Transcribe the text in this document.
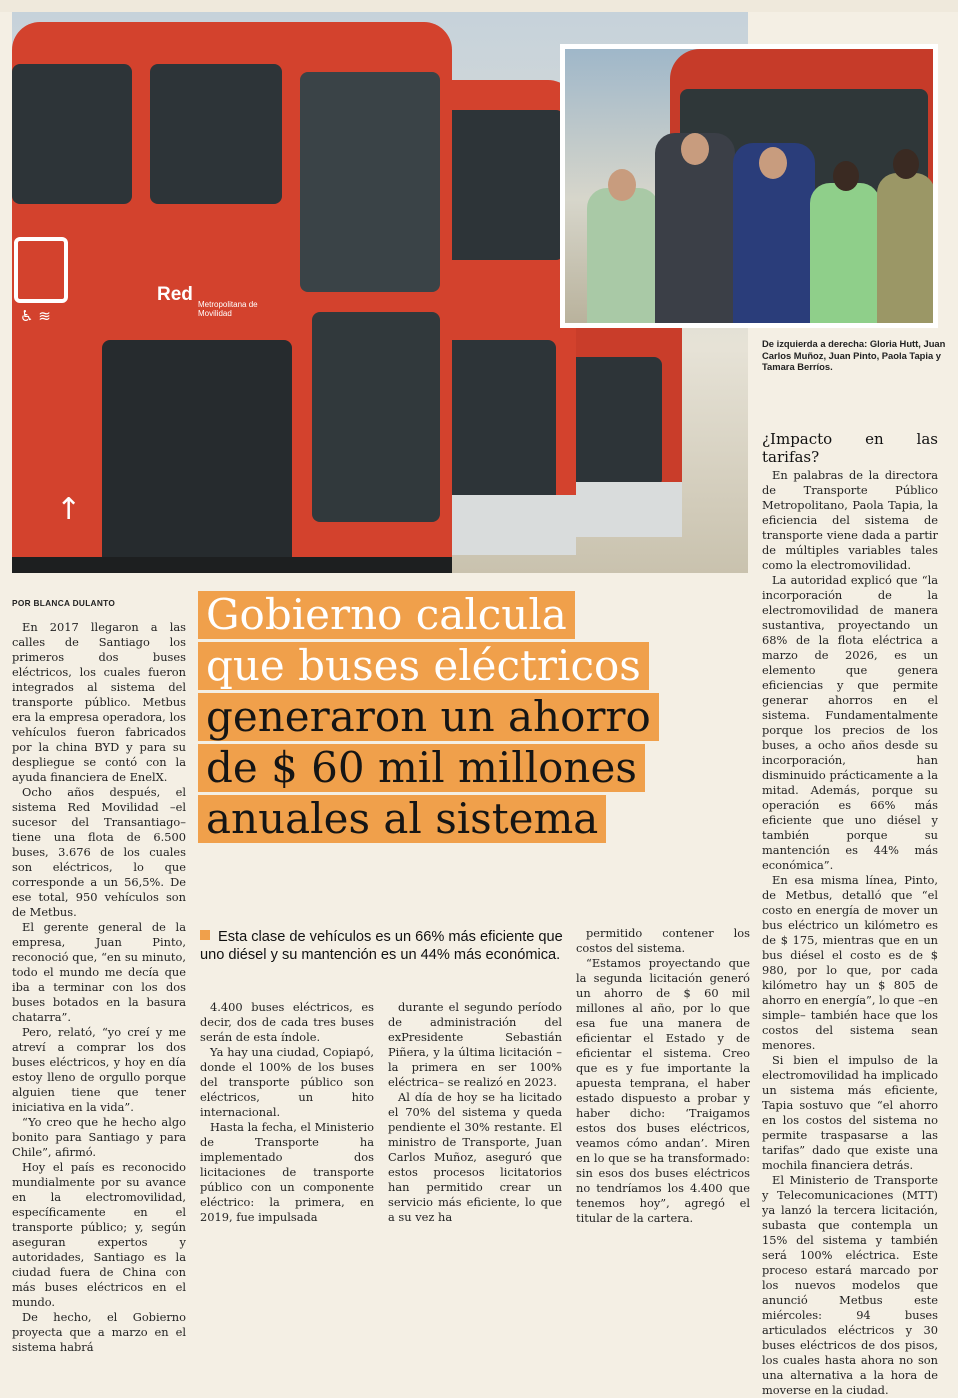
Red Metropolitana de Movilidad
♿ ≋
↑
De izquierda a derecha: Gloria Hutt, Juan Carlos Muñoz, Juan Pinto, Paola Tapia y Tamara Berríos.
POR BLANCA DULANTO Gobierno calcula
que buses eléctricos
generaron un ahorro
de $ 60 mil millones
anuales al sistema
Esta clase de vehículos es un 66% más eficiente que uno diésel y su mantención es un 44% más económica.

En 2017 llegaron a las calles de Santiago los primeros dos buses eléctricos, los cuales fueron integrados al sistema del transporte público. Metbus era la empresa operadora, los vehículos fueron fabricados por la china BYD y para su despliegue se contó con la ayuda financiera de EnelX.

Ocho años después, el sistema Red Movilidad –el sucesor del Transantiago– tiene una flota de 6.500 buses, 3.676 de los cuales son eléctricos, lo que corresponde a un 56,5%. De ese total, 950 vehículos son de Metbus.

El gerente general de la empresa, Juan Pinto, reconoció que, “en su minuto, todo el mundo me decía que iba a terminar con los dos buses botados en la basura chatarra”.

Pero, relató, “yo creí y me atreví a comprar los dos buses eléctricos, y hoy en día estoy lleno de orgullo porque alguien tiene que tener iniciativa en la vida”.

“Yo creo que he hecho algo bonito para Santiago y para Chile”, afirmó.

Hoy el país es reconocido mundialmente por su avance en la electromovilidad, específicamente en el transporte público; y, según aseguran expertos y autoridades, Santiago es la ciudad fuera de China con más buses eléctricos en el mundo.

De hecho, el Gobierno proyecta que a marzo en el sistema habrá

4.400 buses eléctricos, es decir, dos de cada tres buses serán de esta índole.

Ya hay una ciudad, Copiapó, donde el 100% de los buses del transporte público son eléctricos, un hito internacional.

Hasta la fecha, el Ministerio de Transporte ha implementado dos licitaciones de transporte público con un componente eléctrico: la primera, en 2019, fue impulsada

durante el segundo período de administración del exPresidente Sebastián Piñera, y la última licitación –la primera en ser 100% eléctrica– se realizó en 2023.

Al día de hoy se ha licitado el 70% del sistema y queda pendiente el 30% restante. El ministro de Transporte, Juan Carlos Muñoz, aseguró que estos procesos licitatorios han permitido crear un servicio más eficiente, lo que a su vez ha

permitido contener los costos del sistema.

“Estamos proyectando que la segunda licitación generó un ahorro de $ 60 mil millones al año, por lo que esa fue una manera de eficientar el Estado y de eficientar el sistema. Creo que es y fue importante la apuesta temprana, el haber estado dispuesto a probar y haber dicho: ‘Traigamos estos dos buses eléctricos, veamos cómo andan’. Miren en lo que se ha transformado: sin esos dos buses eléctricos no tendríamos los 4.400 que tenemos hoy”, agregó el titular de la cartera.

¿Impacto en las tarifas?

En palabras de la directora de Transporte Público Metropolitano, Paola Tapia, la eficiencia del sistema de transporte viene dada a partir de múltiples variables tales como la electromovilidad.

La autoridad explicó que “la incorporación de la electromovilidad de manera sustantiva, proyectando un 68% de la flota eléctrica a marzo de 2026, es un elemento que genera eficiencias y que permite generar ahorros en el sistema. Fundamentalmente porque los precios de los buses, a ocho años desde su incorporación, han disminuido prácticamente a la mitad. Además, porque su operación es 66% más eficiente que uno diésel y también porque su mantención es 44% más económica”.

En esa misma línea, Pinto, de Metbus, detalló que “el costo en energía de mover un bus eléctrico un kilómetro es de $ 175, mientras que en un bus diésel el costo es de $ 980, por lo que, por cada kilómetro hay un $ 805 de ahorro en energía”, lo que –en simple– también hace que los costos del sistema sean menores.

Si bien el impulso de la electromovilidad ha implicado un sistema más eficiente, Tapia sostuvo que “el ahorro en los costos del sistema no permite traspasarse a las tarifas” dado que existe una mochila financiera detrás.

El Ministerio de Transporte y Telecomunicaciones (MTT) ya lanzó la tercera licitación, subasta que contempla un 15% del sistema y también será 100% eléctrica. Este proceso estará marcado por los nuevos modelos que anunció Metbus este miércoles: 94 buses articulados eléctricos y 30 buses eléctricos de dos pisos, los cuales hasta ahora no son una alternativa a la hora de moverse en la ciudad.
